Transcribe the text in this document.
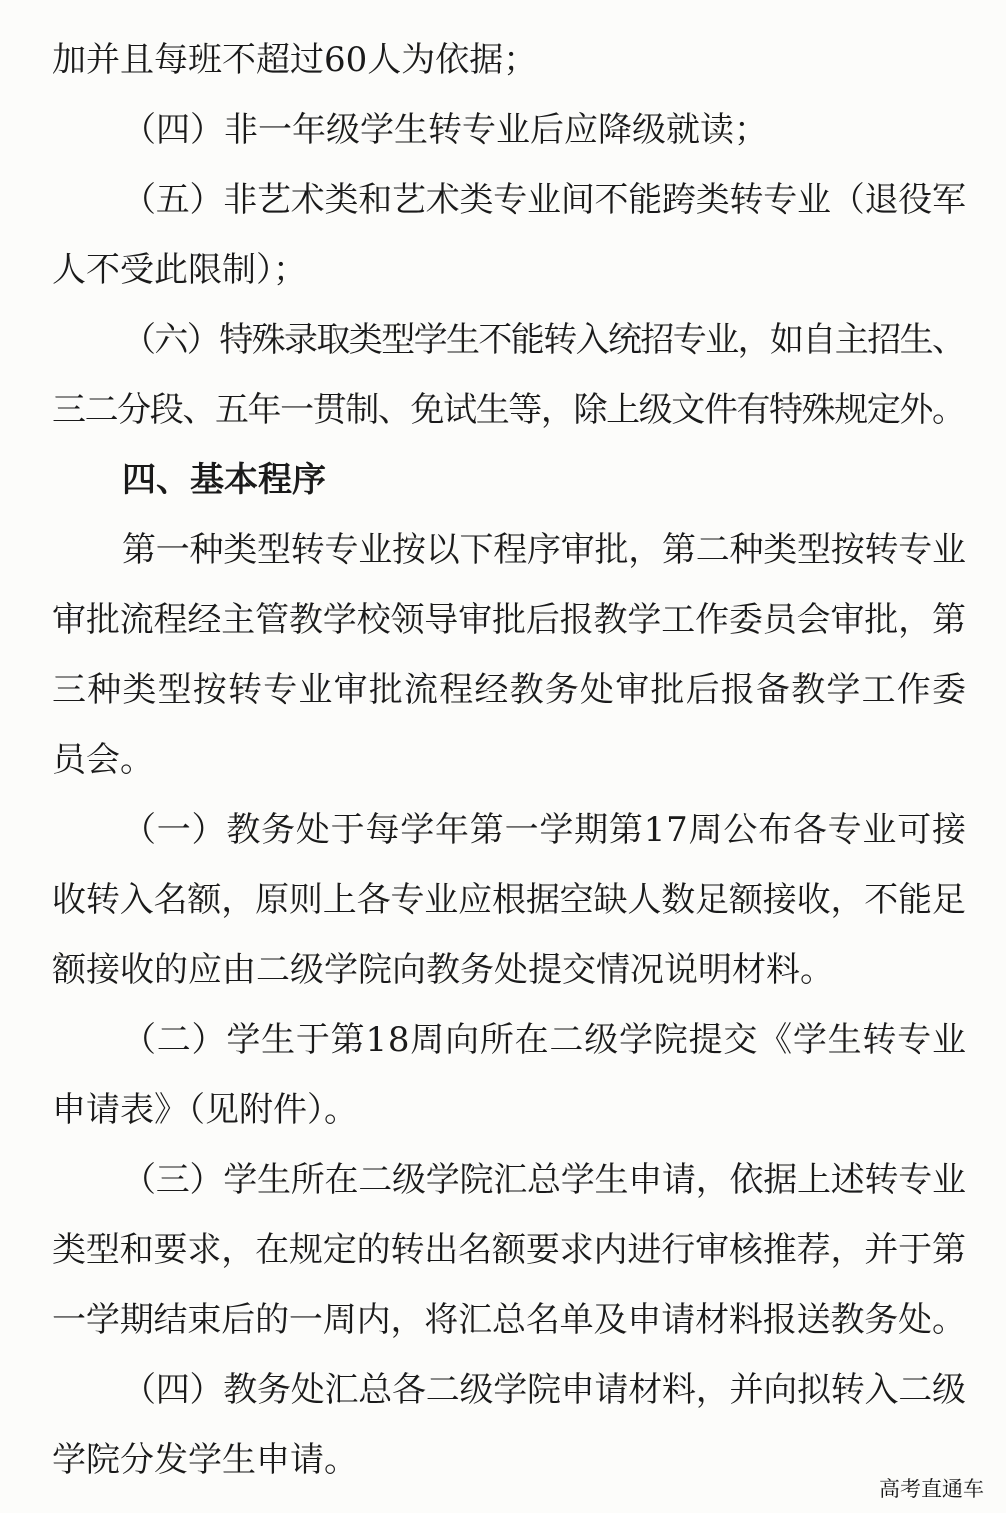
加并且每班不超过60人为依据；
（四）非一年级学生转专业后应降级就读；
（五）非艺术类和艺术类专业间不能跨类转专业（退役军
人不受此限制）；
（六）特殊录取类型学生不能转入统招专业，如自主招生、
三二分段、五年一贯制、免试生等，除上级文件有特殊规定外。
四、基本程序
第一种类型转专业按以下程序审批，第二种类型按转专业
审批流程经主管教学校领导审批后报教学工作委员会审批，第
三种类型按转专业审批流程经教务处审批后报备教学工作委
员会。
（一）教务处于每学年第一学期第17周公布各专业可接
收转入名额，原则上各专业应根据空缺人数足额接收，不能足
额接收的应由二级学院向教务处提交情况说明材料。
（二）学生于第18周向所在二级学院提交《学生转专业
申请表》（见附件）。
（三）学生所在二级学院汇总学生申请，依据上述转专业
类型和要求，在规定的转出名额要求内进行审核推荐，并于第
一学期结束后的一周内，将汇总名单及申请材料报送教务处。
（四）教务处汇总各二级学院申请材料，并向拟转入二级
学院分发学生申请。
高考直通车
